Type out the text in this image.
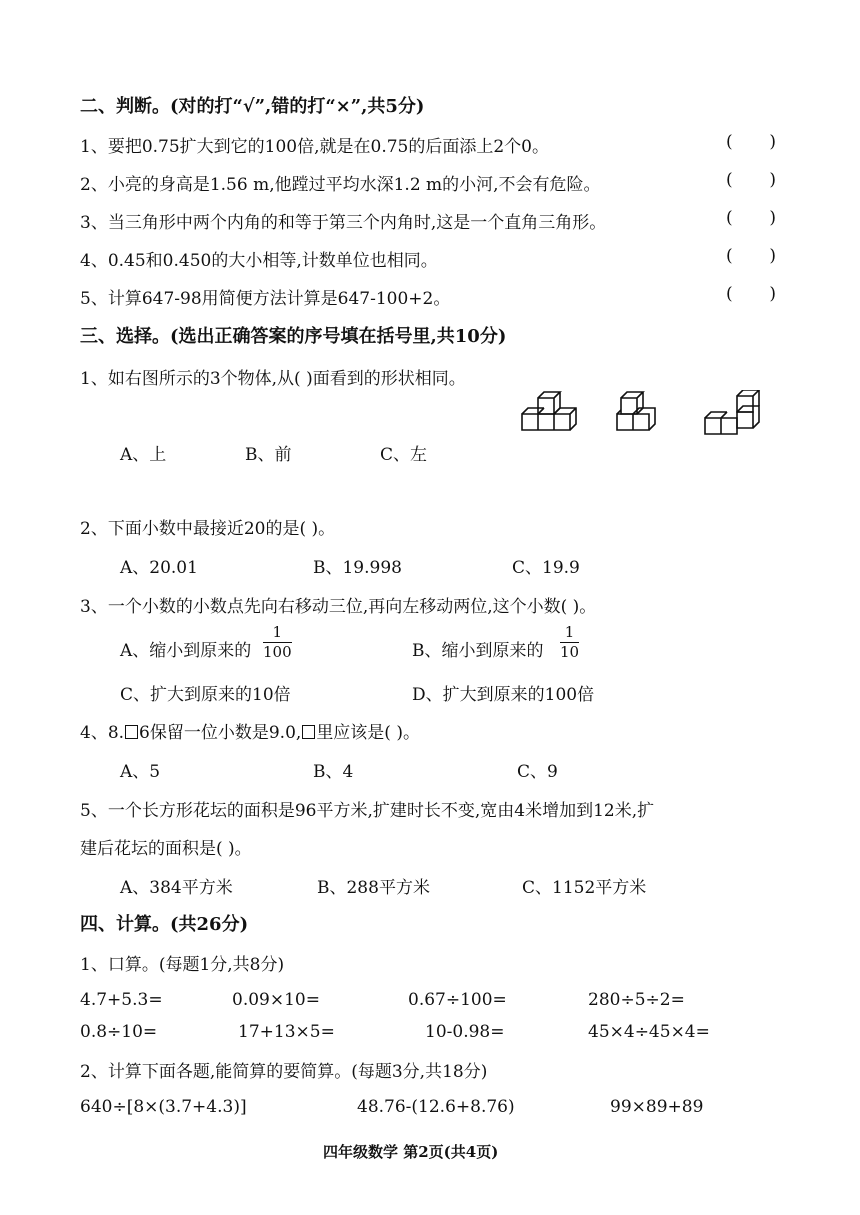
二、判断。(对的打“√”,错的打“×”,共5分)
1、要把0.75扩大到它的100倍,就是在0.75的后面添上2个0。	( )
2、小亮的身高是1.56 m,他蹚过平均水深1.2 m的小河,不会有危险。	( )
3、当三角形中两个内角的和等于第三个内角时,这是一个直角三角形。	( )
4、0.45和0.450的大小相等,计数单位也相同。	( )
5、计算647-98用简便方法计算是647-100+2。	( )
三、选择。(选出正确答案的序号填在括号里,共10分)
1、如右图所示的3个物体,从( )面看到的形状相同。
A、上	B、前	C、左
2、下面小数中最接近20的是( )。
A、20.01	B、19.998	C、19.9
3、一个小数的小数点先向右移动三位,再向左移动两位,这个小数( )。
A、缩小到原来的
1
100	B、缩小到原来的
1
10
C、扩大到原来的10倍	D、扩大到原来的100倍
4、8. 6保留一位小数是9.0, 里应该是( )。
A、5	B、4	C、9
5、一个长方形花坛的面积是96平方米,扩建时长不变,宽由4米增加到12米,扩
建后花坛的面积是( )。
A、384平方米	B、288平方米	C、1152平方米
四、计算。(共26分)
1、口算。(每题1分,共8分)
4.7+5.3=	0.09×10=	0.67÷100=	280÷5÷2=
0.8÷10=	17+13×5=	10-0.98=	45×4÷45×4=
2、计算下面各题,能简算的要简算。(每题3分,共18分)
640÷[8×(3.7+4.3)]	48.76-(12.6+8.76)	99×89+89
四年级数学 第2页(共4页)
